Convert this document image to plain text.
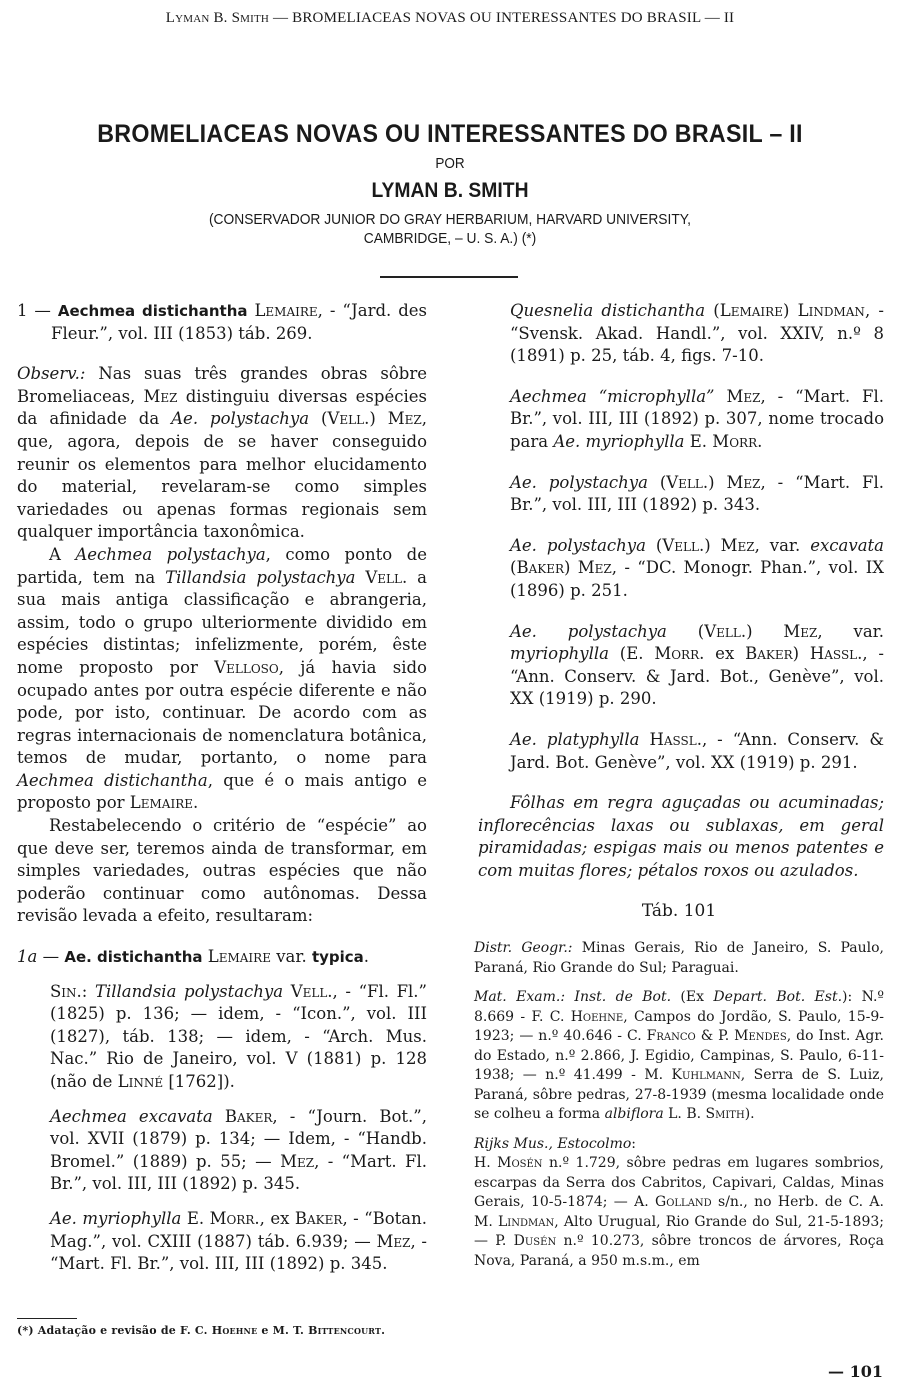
Lyman B. Smith — BROMELIACEAS NOVAS OU INTERESSANTES DO BRASIL — II
BROMELIACEAS NOVAS OU INTERESSANTES DO BRASIL – II
POR
LYMAN B. SMITH
(CONSERVADOR JUNIOR DO GRAY HERBARIUM, HARVARD UNIVERSITY,
CAMBRIDGE, – U. S. A.) (*)

1 — Aechmea distichantha Lemaire, - “Jard. des Fleur.”, vol. III (1853) táb. 269.

Observ.: Nas suas três grandes obras sôbre Bromeliaceas, Mez distinguiu diversas espécies da afinidade da Ae. polystachya (Vell.) Mez, que, agora, depois de se haver conseguido reunir os elementos para melhor elucidamento do material, revelaram-se como simples variedades ou apenas formas regionais sem qualquer importância taxonômica.

A Aechmea polystachya, como ponto de partida, tem na Tillandsia polystachya Vell. a sua mais antiga classificação e abrangeria, assim, todo o grupo ulteriormente dividido em espécies distintas; infelizmente, porém, êste nome proposto por Velloso, já havia sido ocupado antes por outra espécie diferente e não pode, por isto, continuar. De acordo com as regras internacionais de nomenclatura botânica, temos de mudar, portanto, o nome para Aechmea distichantha, que é o mais antigo e proposto por Lemaire.

Restabelecendo o critério de “espécie” ao que deve ser, teremos ainda de transformar, em simples variedades, outras espécies que não poderão continuar como autônomas. Dessa revisão levada a efeito, resultaram:

1a — Ae. distichantha Lemaire var. typica.

Sin.: Tillandsia polystachya Vell., - “Fl. Fl.” (1825) p. 136; — idem, - “Icon.”, vol. III (1827), táb. 138; — idem, - “Arch. Mus. Nac.” Rio de Janeiro, vol. V (1881) p. 128 (não de Linné [1762]).

Aechmea excavata Baker, - “Journ. Bot.”, vol. XVII (1879) p. 134; — Idem, - “Handb. Bromel.” (1889) p. 55; — Mez, - “Mart. Fl. Br.”, vol. III, III (1892) p. 345.

Ae. myriophylla E. Morr., ex Baker, - “Botan. Mag.”, vol. CXIII (1887) táb. 6.939; — Mez, - “Mart. Fl. Br.”, vol. III, III (1892) p. 345.

Quesnelia distichantha (Lemaire) Lindman, - “Svensk. Akad. Handl.”, vol. XXIV, n.º 8 (1891) p. 25, táb. 4, figs. 7-10.

Aechmea “microphylla” Mez, - “Mart. Fl. Br.”, vol. III, III (1892) p. 307, nome trocado para Ae. myriophylla E. Morr.

Ae. polystachya (Vell.) Mez, - “Mart. Fl. Br.”, vol. III, III (1892) p. 343.

Ae. polystachya (Vell.) Mez, var. excavata (Baker) Mez, - “DC. Monogr. Phan.”, vol. IX (1896) p. 251.

Ae. polystachya (Vell.) Mez, var. myriophylla (E. Morr. ex Baker) Hassl., - “Ann. Conserv. & Jard. Bot., Genève”, vol. XX (1919) p. 290.

Ae. platyphylla Hassl., - “Ann. Conserv. & Jard. Bot. Genève”, vol. XX (1919) p. 291.

Fôlhas em regra aguçadas ou acuminadas; inflorecências laxas ou sublaxas, em geral piramidadas; espigas mais ou menos patentes e com muitas flores; pétalos roxos ou azulados.

Táb. 101

Distr. Geogr.: Minas Gerais, Rio de Janeiro, S. Paulo, Paraná, Rio Grande do Sul; Paraguai.

Mat. Exam.: Inst. de Bot. (Ex Depart. Bot. Est.): N.º 8.669 - F. C. Hoehne, Campos do Jordão, S. Paulo, 15-9-1923; — n.º 40.646 - C. Franco & P. Mendes, do Inst. Agr. do Estado, n.º 2.866, J. Egidio, Campinas, S. Paulo, 6-11-1938; — n.º 41.499 - M. Kuhlmann, Serra de S. Luiz, Paraná, sôbre pedras, 27-8-1939 (mesma localidade onde se colheu a forma albiflora L. B. Smith).

Rijks Mus., Estocolmo:

H. Mosén n.º 1.729, sôbre pedras em lugares sombrios, escarpas da Serra dos Cabritos, Capivari, Caldas, Minas Gerais, 10-5-1874; — A. Golland s/n., no Herb. de C. A. M. Lindman, Alto Urugual, Rio Grande do Sul, 21-5-1893; — P. Dusén n.º 10.273, sôbre troncos de árvores, Roça Nova, Paraná, a 950 m.s.m., em

(*) Adatação e revisão de F. C. Hoehne e M. T. Bittencourt.
— 101
